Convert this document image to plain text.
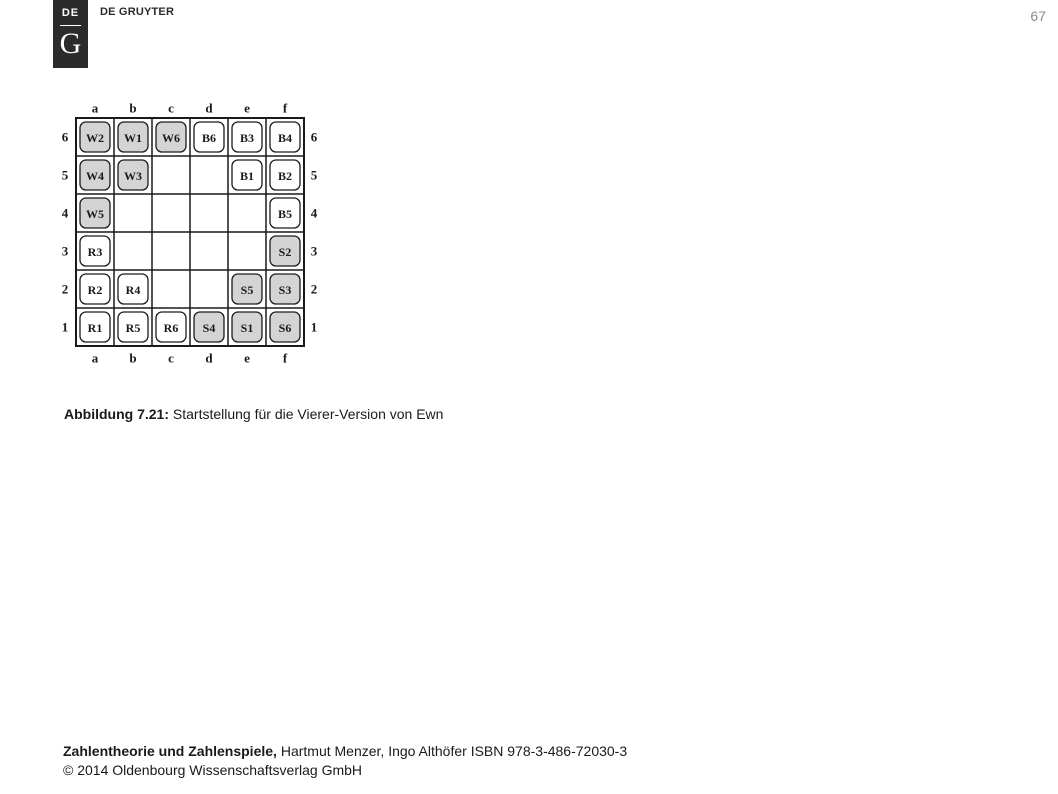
DE
G
DE GRUYTER	67
a
a
b
b
c
c
d
d
e
e
f
f
6	6
5	5
4	4
3	3
2	2
1	1
W2 W1 W6 B6 B3 B4
W4 W3	B1 B2
W5	B5
R3	S2
R2 R4	S5 S3
R1 R5 R6 S4 S1 S6
Abbildung 7.21: Startstellung für die Vierer-Version von Ewn
Zahlentheorie und Zahlenspiele, Hartmut Menzer, Ingo Althöfer ISBN 978-3-486-72030-3
© 2014 Oldenbourg Wissenschaftsverlag GmbH
